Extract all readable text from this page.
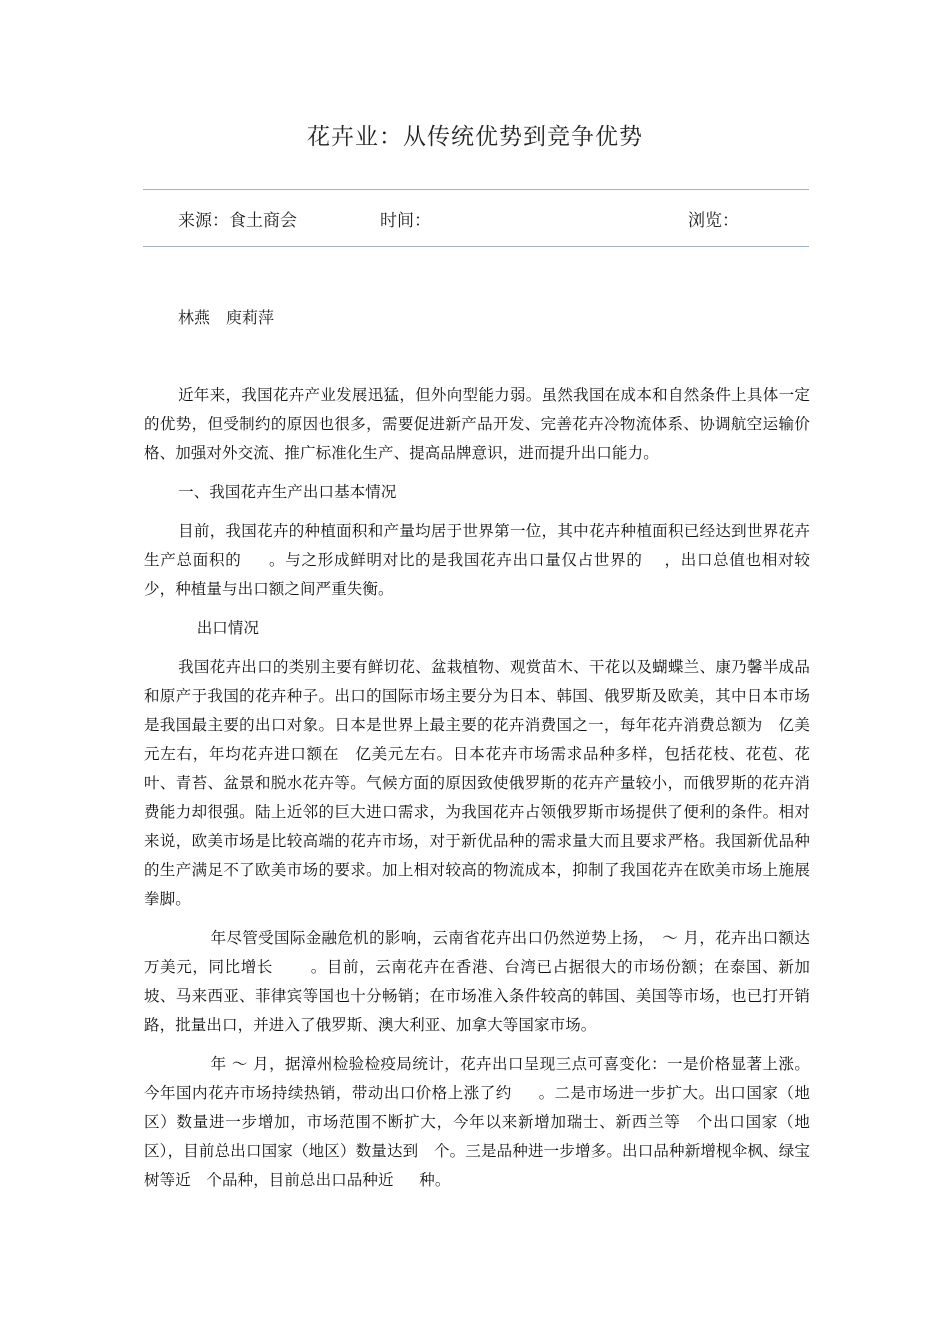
花卉业：从传统优势到竞争优势
来源：食土商会	时间：	浏览：
林燕　庾莉萍

近年来，我国花卉产业发展迅猛，但外向型能力弱。虽然我国在成本和自然条件上具体一定的优势，但受制约的原因也很多，需要促进新产品开发、完善花卉冷物流体系、协调航空运输价格、加强对外交流、推广标准化生产、提高品牌意识，进而提升出口能力。

一、我国花卉生产出口基本情况

目前，我国花卉的种植面积和产量均居于世界第一位，其中花卉种植面积已经达到世界花卉生产总面积的　  。与之形成鲜明对比的是我国花卉出口量仅占世界的　 ，出口总值也相对较少，种植量与出口额之间严重失衡。

出口情况

我国花卉出口的类别主要有鲜切花、盆栽植物、观赏苗木、干花以及蝴蝶兰、康乃馨半成品和原产于我国的花卉种子。出口的国际市场主要分为日本、韩国、俄罗斯及欧美，其中日本市场是我国最主要的出口对象。日本是世界上最主要的花卉消费国之一，每年花卉消费总额为　亿美元左右，年均花卉进口额在　亿美元左右。日本花卉市场需求品种多样，包括花枝、花苞、花叶、青苔、盆景和脱水花卉等。气候方面的原因致使俄罗斯的花卉产量较小，而俄罗斯的花卉消费能力却很强。陆上近邻的巨大进口需求，为我国花卉占领俄罗斯市场提供了便利的条件。相对来说，欧美市场是比较高端的花卉市场，对于新优品种的需求量大而且要求严格。我国新优品种的生产满足不了欧美市场的要求。加上相对较高的物流成本，抑制了我国花卉在欧美市场上施展拳脚。

年尽管受国际金融危机的影响，云南省花卉出口仍然逆势上扬，　～ 月，花卉出口额达　　　万美元，同比增长　　 。目前，云南花卉在香港、台湾已占据很大的市场份额；在泰国、新加坡、马来西亚、菲律宾等国也十分畅销；在市场准入条件较高的韩国、美国等市场，也已打开销路，批量出口，并进入了俄罗斯、澳大利亚、加拿大等国家市场。

年 ～ 月，据漳州检验检疫局统计，花卉出口呈现三点可喜变化：一是价格显著上涨。今年国内花卉市场持续热销，带动出口价格上涨了约　  。二是市场进一步扩大。出口国家（地区）数量进一步增加，市场范围不断扩大，今年以来新增加瑞士、新西兰等　个出口国家（地区），目前总出口国家（地区）数量达到　个。三是品种进一步增多。出口品种新增枧伞枫、绿宝树等近　个品种，目前总出口品种近　  种。
